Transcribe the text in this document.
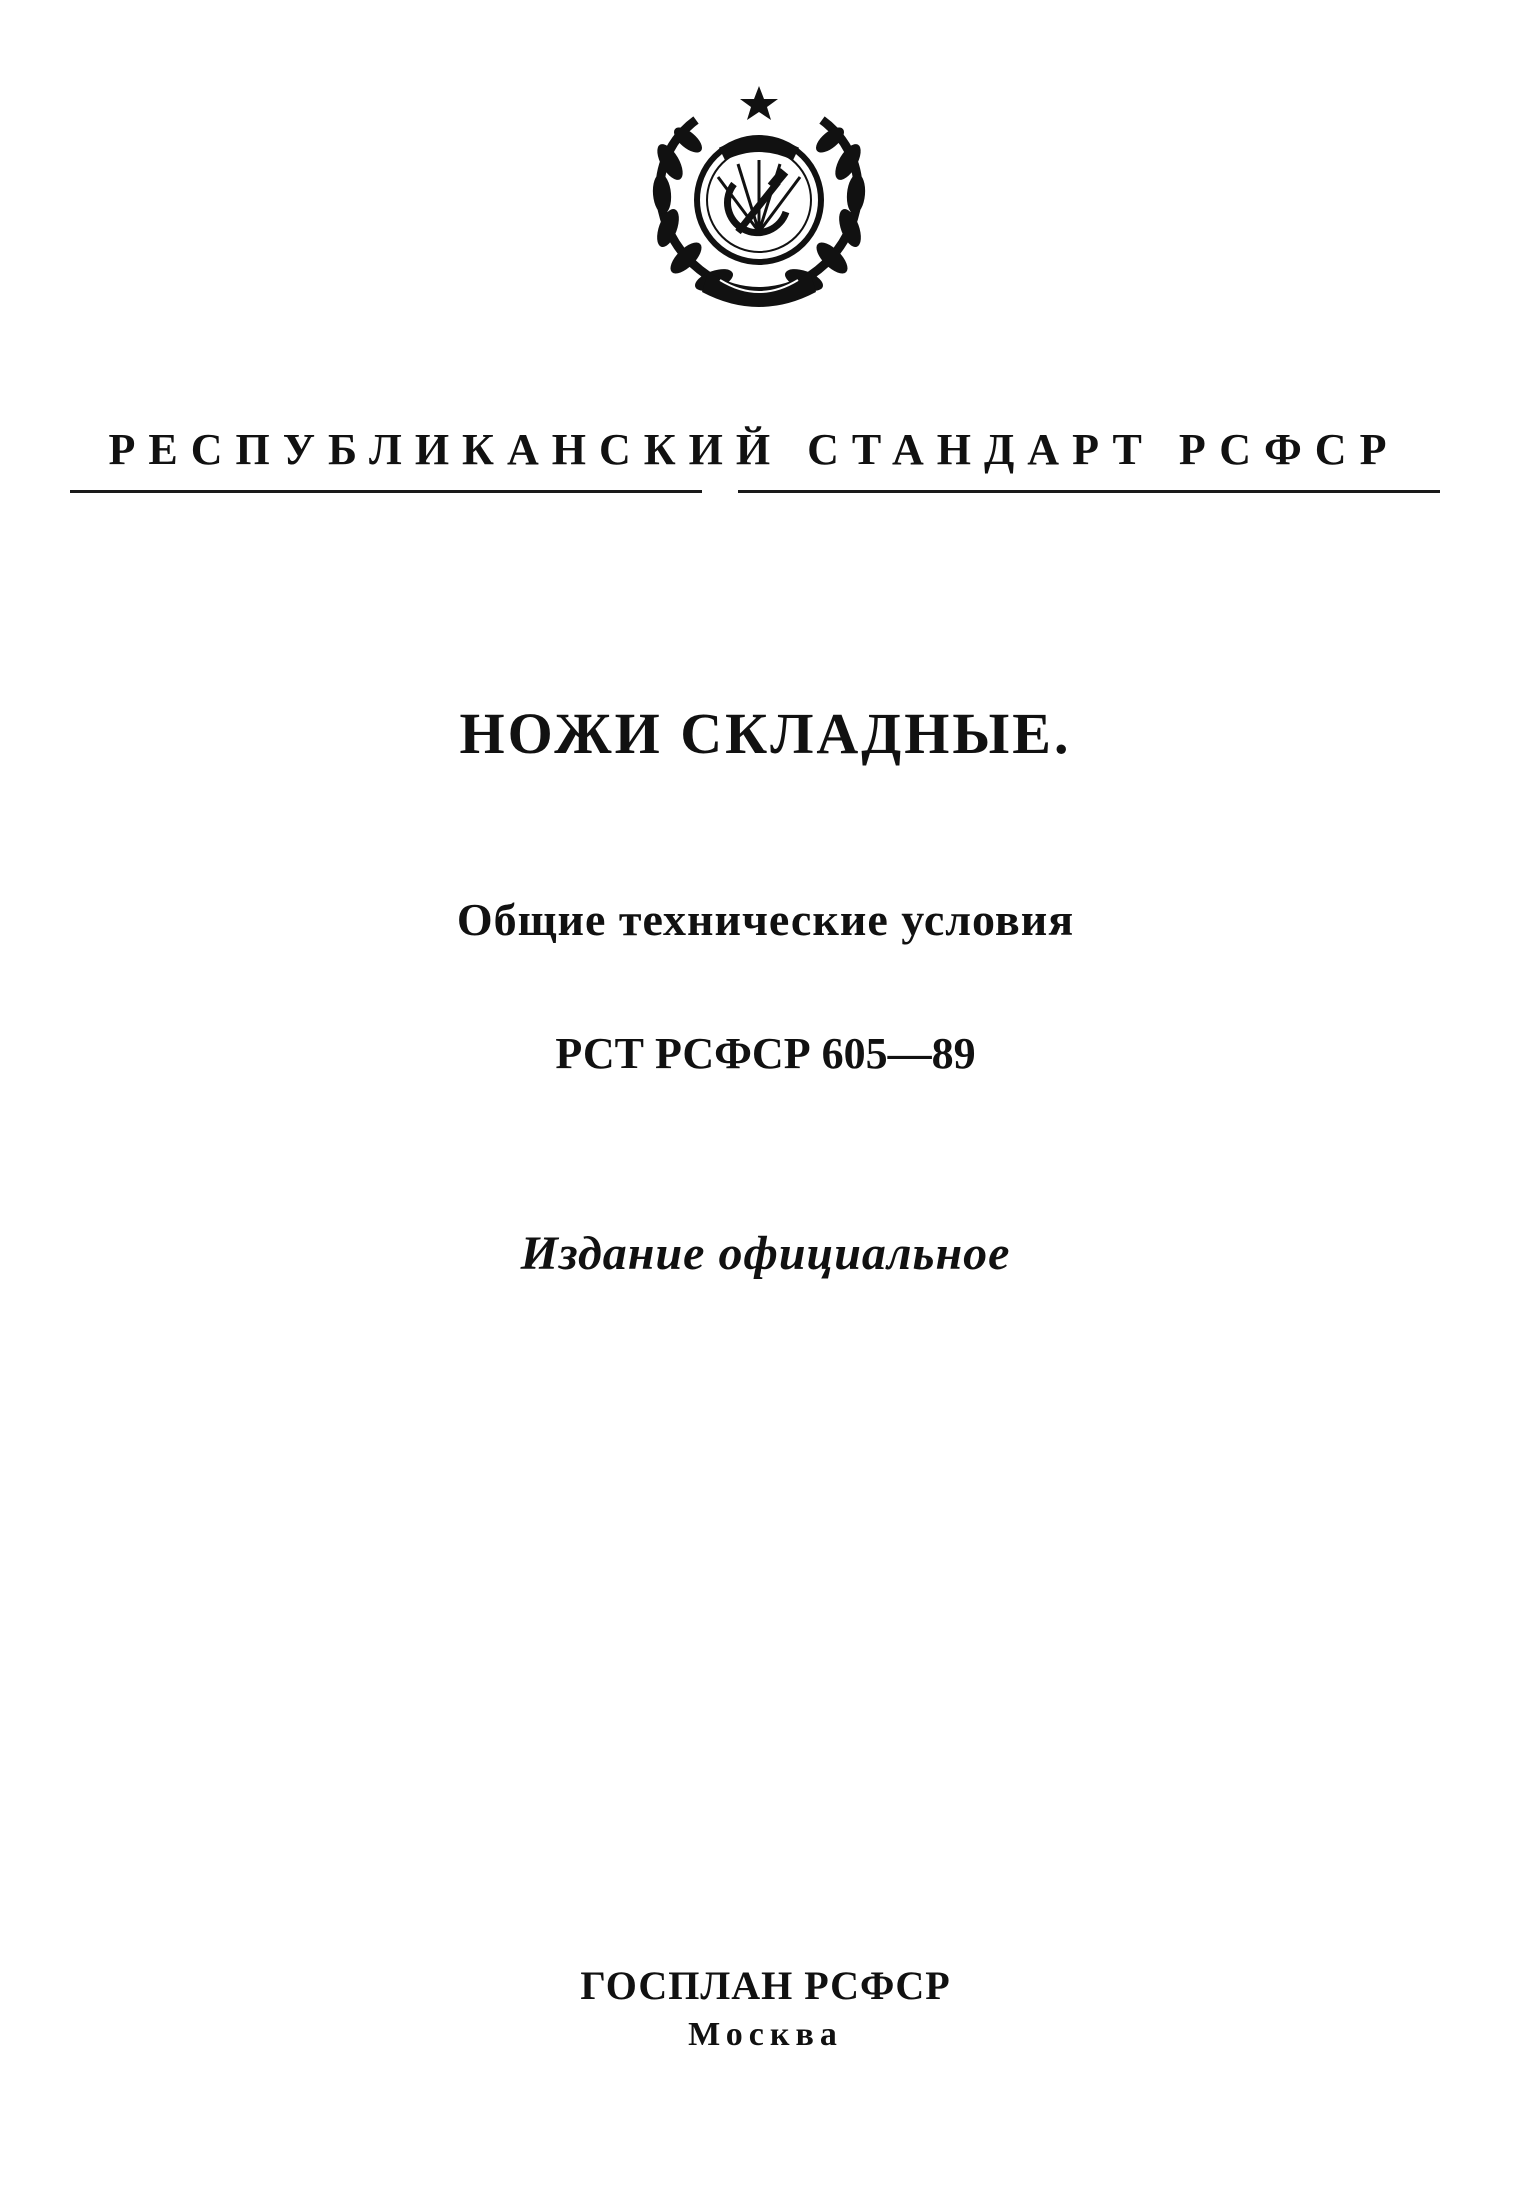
РЕСПУБЛИКАНСКИЙ СТАНДАРТ РСФСР
НОЖИ СКЛАДНЫЕ.
Общие технические условия
РСТ РСФСР 605—89
Издание официальное
ГОСПЛАН РСФСР
Москва
